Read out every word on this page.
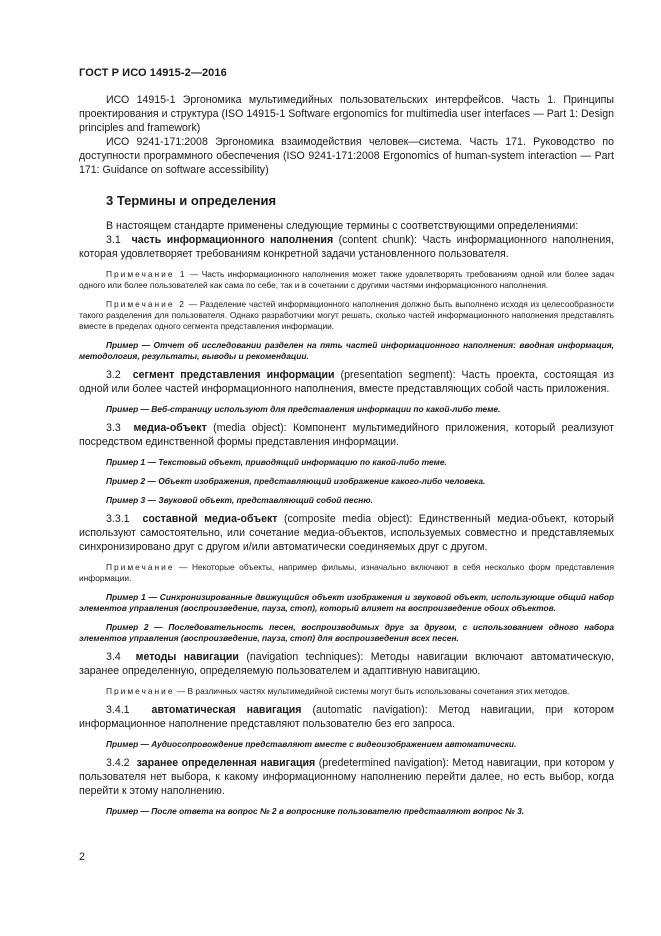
ГОСТ Р ИСО 14915-2—2016

ИСО 14915-1 Эргономика мультимедийных пользовательских интерфейсов. Часть 1. Принципы проектирования и структура (ISO 14915-1 Software ergonomics for multimedia user interfaces — Part 1: Design principles and framework)

ИСО 9241-171:2008 Эргономика взаимодействия человек—система. Часть 171. Руководство по доступности программного обеспечения (ISO 9241-171:2008 Ergonomics of human-system interaction — Part 171: Guidance on software accessibility)

3 Термины и определения

В настоящем стандарте применены следующие термины с соответствующими определениями:

3.1 часть информационного наполнения (content chunk): Часть информационного наполнения, которая удовлетворяет требованиям конкретной задачи установленного пользователя.

Примечание 1 — Часть информационного наполнения может также удовлетворять требованиям одной или более задач одного или более пользователей как сама по себе, так и в сочетании с другими частями информационного наполнения.

Примечание 2 — Разделение частей информационного наполнения должно быть выполнено исходя из целесообразности такого разделения для пользователя. Однако разработчики могут решать, сколько частей информационного наполнения представлять вместе в пределах одного сегмента представления информации.

Пример — Отчет об исследовании разделен на пять частей информационного наполнения: вводная информация, методология, результаты, выводы и рекомендации.

3.2 сегмент представления информации (presentation segment): Часть проекта, состоящая из одной или более частей информационного наполнения, вместе представляющих собой часть приложения.

Пример — Веб-страницу используют для представления информации по какой-либо теме.

3.3 медиа-объект (media object): Компонент мультимедийного приложения, который реализуют посредством единственной формы представления информации.

Пример 1 — Текстовый объект, приводящий информацию по какой-либо теме.

Пример 2 — Объект изображения, представляющий изображение какого-либо человека.

Пример 3 — Звуковой объект, представляющий собой песню.

3.3.1 составной медиа-объект (composite media object): Единственный медиа-объект, который используют самостоятельно, или сочетание медиа-объектов, используемых совместно и представляемых синхронизировано друг с другом и/или автоматически соединяемых друг с другом.

Примечание — Некоторые объекты, например фильмы, изначально включают в себя несколько форм представления информации.

Пример 1 — Синхронизированные движущийся объект изображения и звуковой объект, использующие общий набор элементов управления (воспроизведение, пауза, стоп), который влияет на воспроизведение обоих объектов.

Пример 2 — Последовательность песен, воспроизводимых друг за другом, с использованием одного набора элементов управления (воспроизведение, пауза, стоп) для воспроизведения всех песен.

3.4 методы навигации (navigation techniques): Методы навигации включают автоматическую, заранее определенную, определяемую пользователем и адаптивную навигацию.

Примечание — В различных частях мультимедийной системы могут быть использованы сочетания этих методов.

3.4.1 автоматическая навигация (automatic navigation): Метод навигации, при котором информационное наполнение представляют пользователю без его запроса.

Пример — Аудиосопровождение представляют вместе с видеоизображением автоматически.

3.4.2 заранее определенная навигация (predetermined navigation): Метод навигации, при котором у пользователя нет выбора, к какому информационному наполнению перейти далее, но есть выбор, когда перейти к этому наполнению.

Пример — После ответа на вопрос № 2 в вопроснике пользователю представляют вопрос № 3.

2
